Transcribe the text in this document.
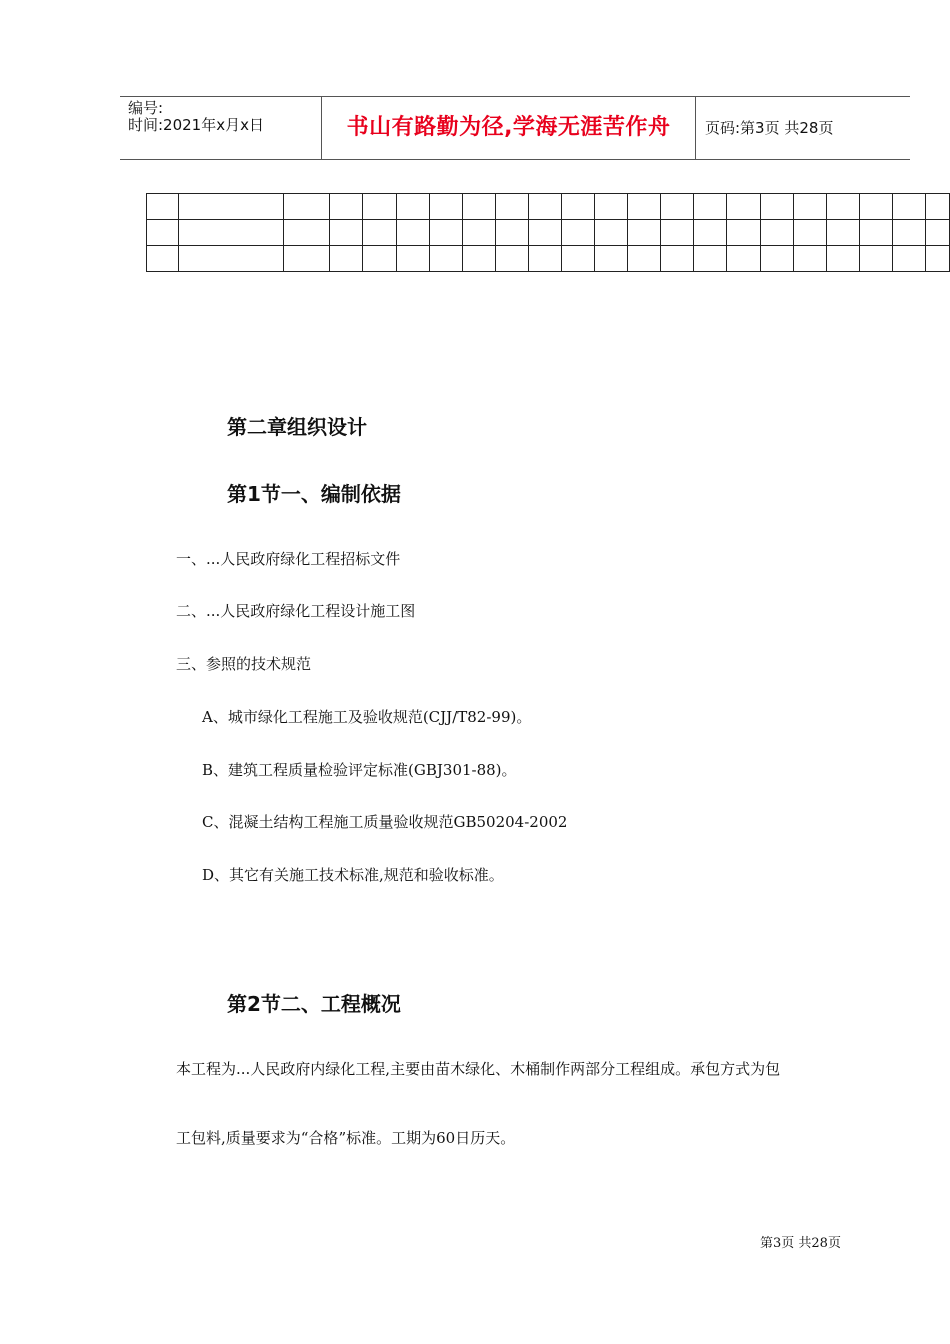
编号:
时间:2021年x月x日	书山有路勤为径,学海无涯苦作舟	页码:第3页 共28页

第二章组织设计
第1节一、编制依据
一、...人民政府绿化工程招标文件
二、...人民政府绿化工程设计施工图
三、参照的技术规范
A、城市绿化工程施工及验收规范(CJJ/T82-99)。
B、建筑工程质量检验评定标准(GBJ301-88)。
C、混凝土结构工程施工质量验收规范GB50204-2002
D、其它有关施工技术标准,规范和验收标准。
第2节二、工程概况
本工程为...人民政府内绿化工程,主要由苗木绿化、木桶制作两部分工程组成。承包方式为包
工包料,质量要求为“合格”标准。工期为60日历天。
第3页 共28页
